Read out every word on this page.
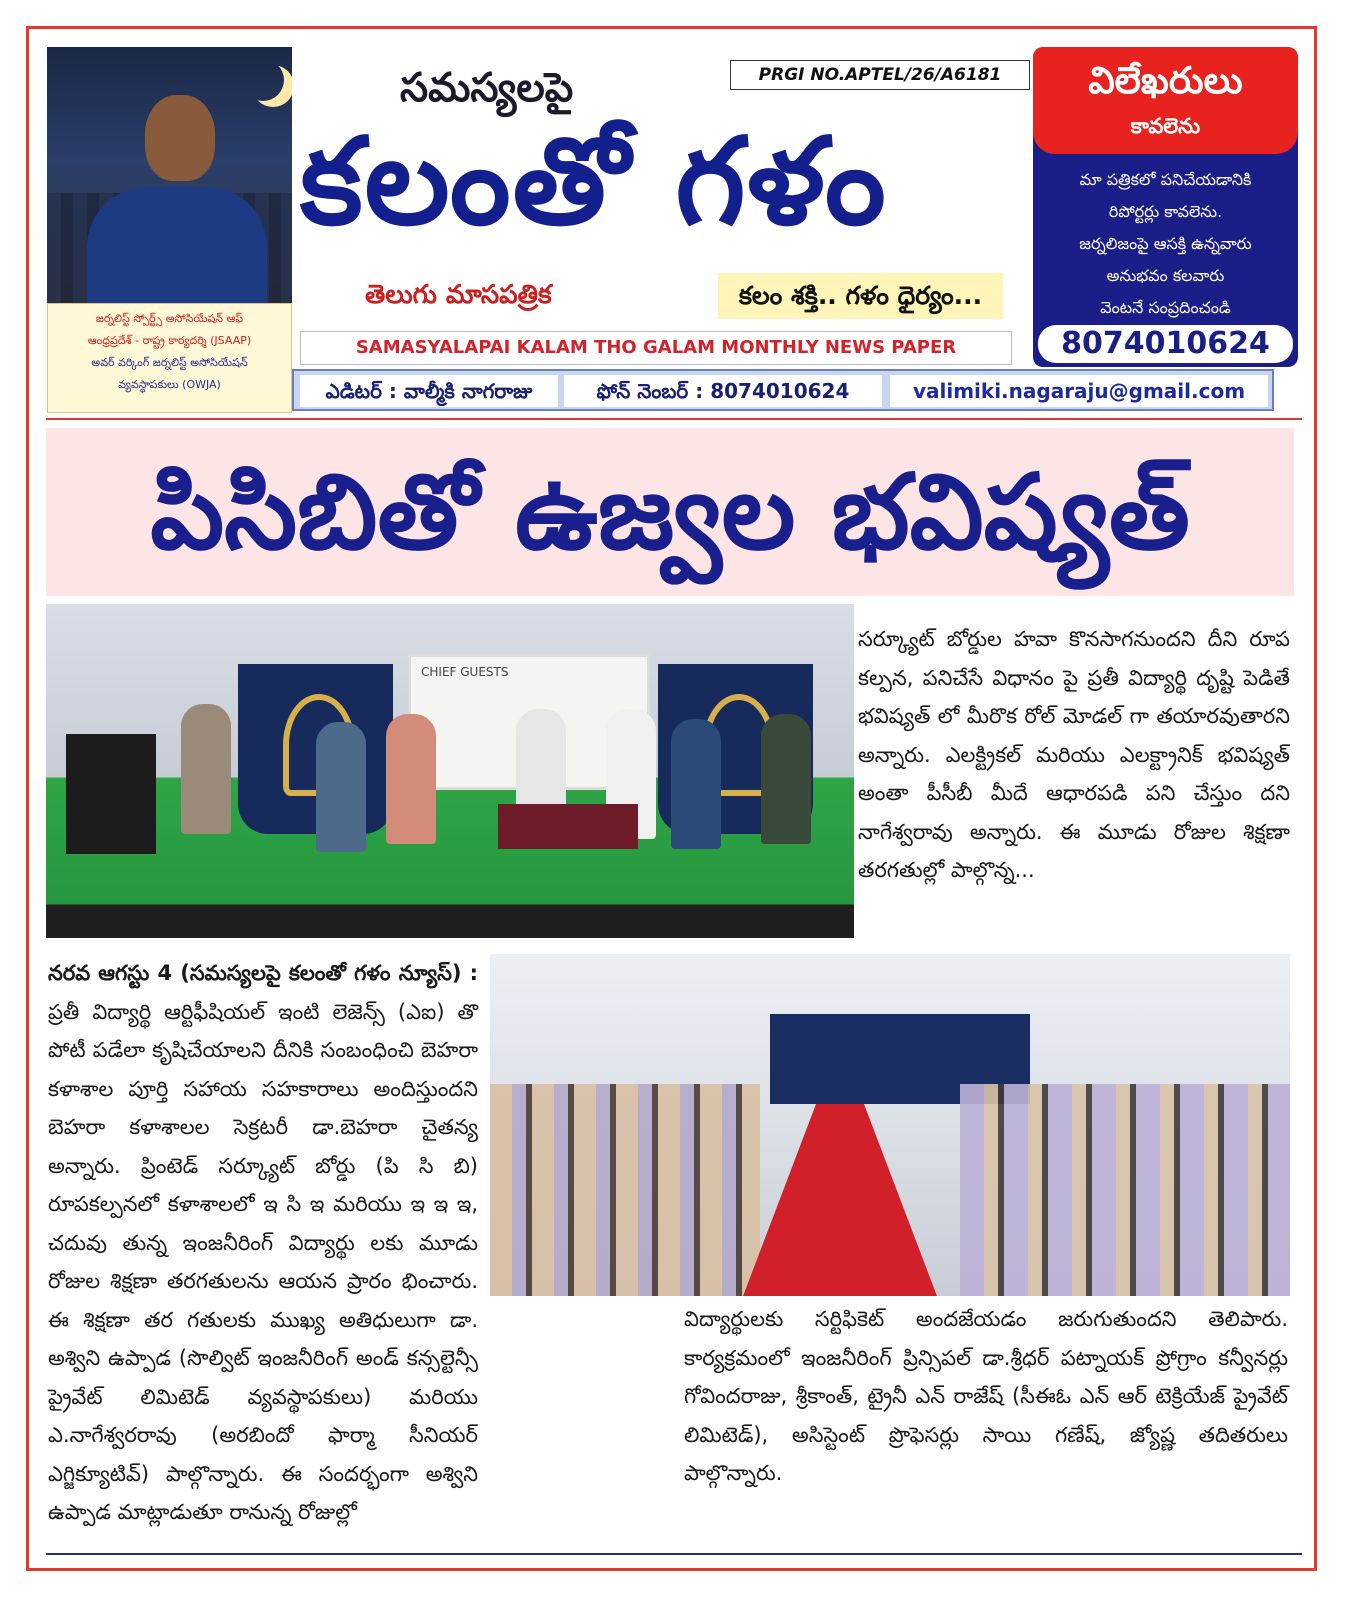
జర్నలిస్ట్ స్పోర్ట్స్ అసోసియేషన్ ఆఫ్
ఆంధ్రప్రదేశ్ - రాష్ట్ర కార్యదర్శి (JSAAP)
అవర్ వర్కింగ్ జర్నలిస్ట్ అసోసియేషన్
వ్యవస్థాపకులు (OWJA)
సమస్యలపై	PRGI NO.APTEL/26/A6181
కలంతో గళం
తెలుగు మాసపత్రిక	కలం శక్తి.. గళం ధైర్యం...
SAMASYALAPAI KALAM THO GALAM MONTHLY NEWS PAPER
ఎడిటర్ : వాల్మీకి నాగరాజు	ఫోన్ నెంబర్ : 8074010624	valimiki.nagaraju@gmail.com
విలేఖరులు
కావలెను
మా పత్రికలో పనిచేయడానికి
రిపోర్టర్లు కావలెను.
జర్నలిజంపై ఆసక్తి ఉన్నవారు
అనుభవం కలవారు
వెంటనే సంప్రదించండి
8074010624
పిసిబితో ఉజ్వల భవిష్యత్
CHIEF GUESTS

సర్క్యూట్ బోర్డుల హవా కొనసాగనుందని దీని రూప కల్పన, పనిచేసే విధానం పై ప్రతీ విద్యార్థి దృష్టి పెడితే భవిష్యత్ లో మీరొక రోల్ మోడల్ గా తయారవుతారని అన్నారు. ఎలక్ట్రికల్ మరియు ఎలక్ట్రానిక్ భవిష్యత్ అంతా పీసీబీ మీదే ఆధారపడి పని చేస్తుం దని నాగేశ్వరావు అన్నారు. ఈ మూడు రోజుల శిక్షణా తరగతుల్లో పాల్గొన్న...

నరవ ఆగస్టు 4 (సమస్యలపై కలంతో గళం న్యూస్) : ప్రతీ విద్యార్థి ఆర్టిఫీషియల్ ఇంటి లెజెన్స్ (ఎఐ) తొ పోటీ పడేలా కృషిచేయాలని దీనికి సంబంధించి బెహరా కళాశాల పూర్తి సహాయ సహకారాలు అందిస్తుందని బెహరా కళాశాలల సెక్రటరీ డా.బెహరా చైతన్య అన్నారు. ప్రింటెడ్ సర్క్యూట్ బోర్డు (పి సి బి) రూపకల్పనలో కళాశాలలో ఇ సి ఇ మరియు ఇ ఇ ఇ, చదువు తున్న ఇంజనీరింగ్ విద్యార్థు లకు మూడు రోజుల శిక్షణా తరగతులను ఆయన ప్రారం భించారు. ఈ శిక్షణా తర గతులకు ముఖ్య అతిధులుగా డా. అశ్విని ఉప్పాడ (సొల్విట్ ఇంజనీరింగ్ అండ్ కన్సల్టెన్సీ ప్రైవేట్ లిమిటెడ్ వ్యవస్థాపకులు) మరియు ఎ.నాగేశ్వరరావు (అరబిందో ఫార్మా సీనియర్ ఎగ్జిక్యూటివ్) పాల్గొన్నారు. ఈ సందర్భంగా అశ్విని ఉప్పాడ మాట్లాడుతూ రానున్న రోజుల్లో

విద్యార్థులకు సర్టిఫికెట్ అందజేయడం జరుగుతుందని తెలిపారు. కార్యక్రమంలో ఇంజనీరింగ్ ప్రిన్సిపల్ డా.శ్రీధర్ పట్నాయక్ ప్రోగ్రాం కన్వీనర్లు గోవిందరాజు, శ్రీకాంత్, ట్రైనీ ఎన్ రాజేష్ (సీఈఓ ఎన్ ఆర్ టెక్రియేజ్ ప్రైవేట్ లిమిటెడ్), అసిస్టెంట్ ప్రొఫెసర్లు సాయి గణేష్, జ్యోష్ణ తదితరులు పాల్గొన్నారు.
